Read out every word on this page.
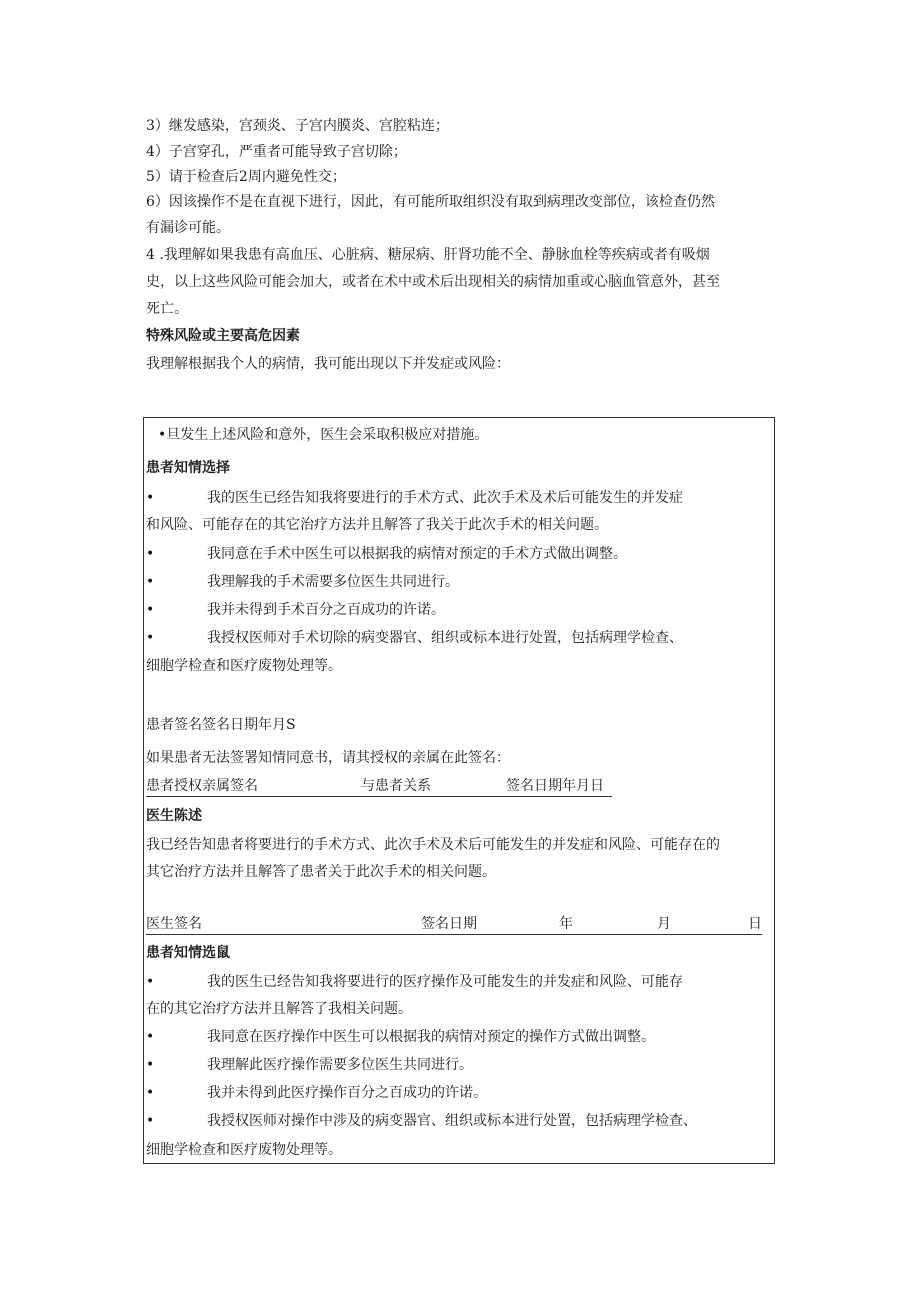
3）继发感染，宫颈炎、子宫内膜炎、宫腔粘连；
4）子宫穿孔，严重者可能导致子宫切除；
5）请于检查后2周内避免性交；
6）因该操作不是在直视下进行，因此，有可能所取组织没有取到病理改变部位，该检查仍然
有漏诊可能。
4 .我理解如果我患有高血压、心脏病、糖尿病、肝肾功能不全、静脉血栓等疾病或者有吸烟
史，以上这些风险可能会加大，或者在术中或术后出现相关的病情加重或心脑血管意外，甚至
死亡。
特殊风险或主要高危因素
我理解根据我个人的病情，我可能出现以下并发症或风险：
•旦发生上述风险和意外，医生会采取积极应对措施。
患者知情选择
•	我的医生已经告知我将要进行的手术方式、此次手术及术后可能发生的并发症
和风险、可能存在的其它治疗方法并且解答了我关于此次手术的相关问题。
•	我同意在手术中医生可以根据我的病情对预定的手术方式做出调整。
•	我理解我的手术需要多位医生共同进行。
•	我并未得到手术百分之百成功的许诺。
•	我授权医师对手术切除的病变器官、组织或标本进行处置，包括病理学检查、
细胞学检查和医疗废物处理等。
患者签名签名日期年月S
如果患者无法签署知情同意书，请其授权的亲属在此签名：
患者授权亲属签名	与患者关系	签名日期年月日
医生陈述
我已经告知患者将要进行的手术方式、此次手术及术后可能发生的并发症和风险、可能存在的
其它治疗方法并且解答了患者关于此次手术的相关问题。
医生签名	签名日期	年	月	日
患者知情选鼠
•	我的医生已经告知我将要进行的医疗操作及可能发生的并发症和风险、可能存
在的其它治疗方法并且解答了我相关问题。
•	我同意在医疗操作中医生可以根据我的病情对预定的操作方式做出调整。
•	我理解此医疗操作需要多位医生共同进行。
•	我并未得到此医疗操作百分之百成功的许诺。
•	我授权医师对操作中涉及的病变器官、组织或标本进行处置，包括病理学检查、
细胞学检查和医疗废物处理等。
